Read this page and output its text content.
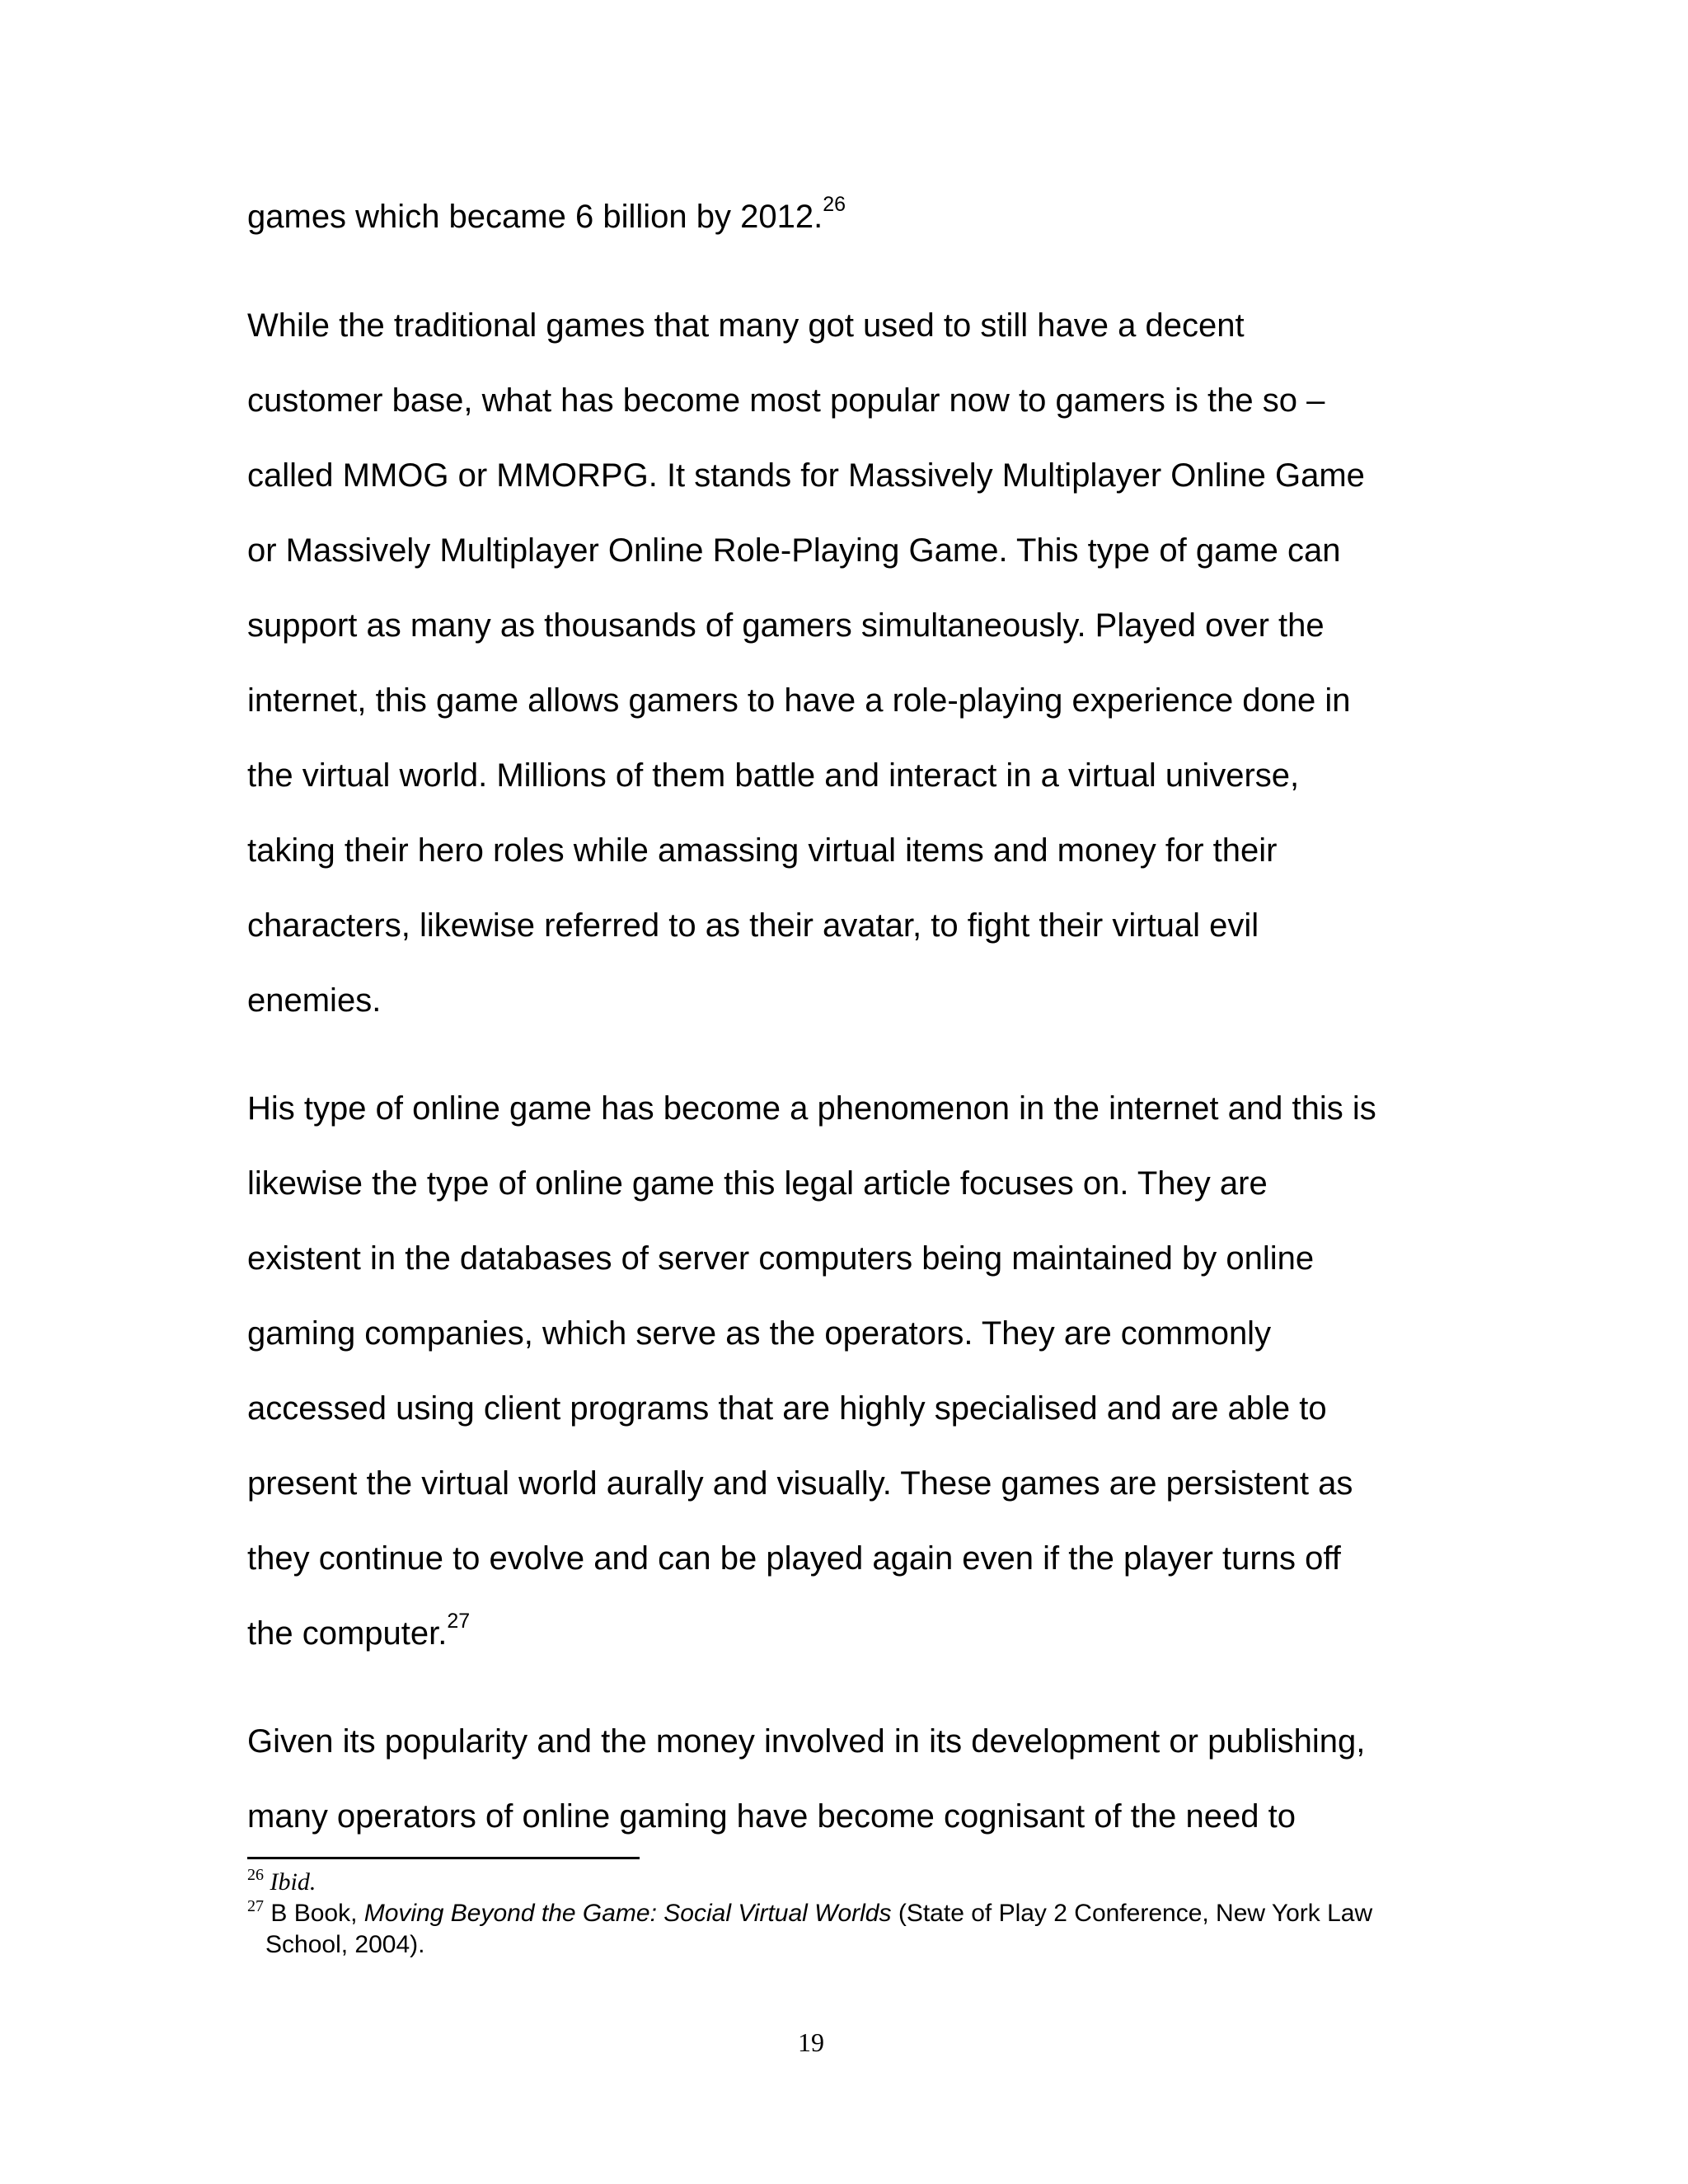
games which became 6 billion by 2012.26
While the traditional games that many got used to still have a decent
customer base, what has become most popular now to gamers is the so –
called MMOG or MMORPG. It stands for Massively Multiplayer Online Game
or Massively Multiplayer Online Role-Playing Game. This type of game can
support as many as thousands of gamers simultaneously. Played over the
internet, this game allows gamers to have a role-playing experience done in
the virtual world. Millions of them battle and interact in a virtual universe,
taking their hero roles while amassing virtual items and money for their
characters, likewise referred to as their avatar, to fight their virtual evil
enemies.
His type of online game has become a phenomenon in the internet and this is
likewise the type of online game this legal article focuses on. They are
existent in the databases of server computers being maintained by online
gaming companies, which serve as the operators. They are commonly
accessed using client programs that are highly specialised and are able to
present the virtual world aurally and visually. These games are persistent as
they continue to evolve and can be played again even if the player turns off
the computer.$^{27}$
Given its popularity and the money involved in its development or publishing,
many operators of online gaming have become cognisant of the need to
$^{26}$ Ibid.
$^{27}$ B Book, Moving Beyond the Game: Social Virtual Worlds (State of Play 2 Conference, New York Law
School, 2004).
19
